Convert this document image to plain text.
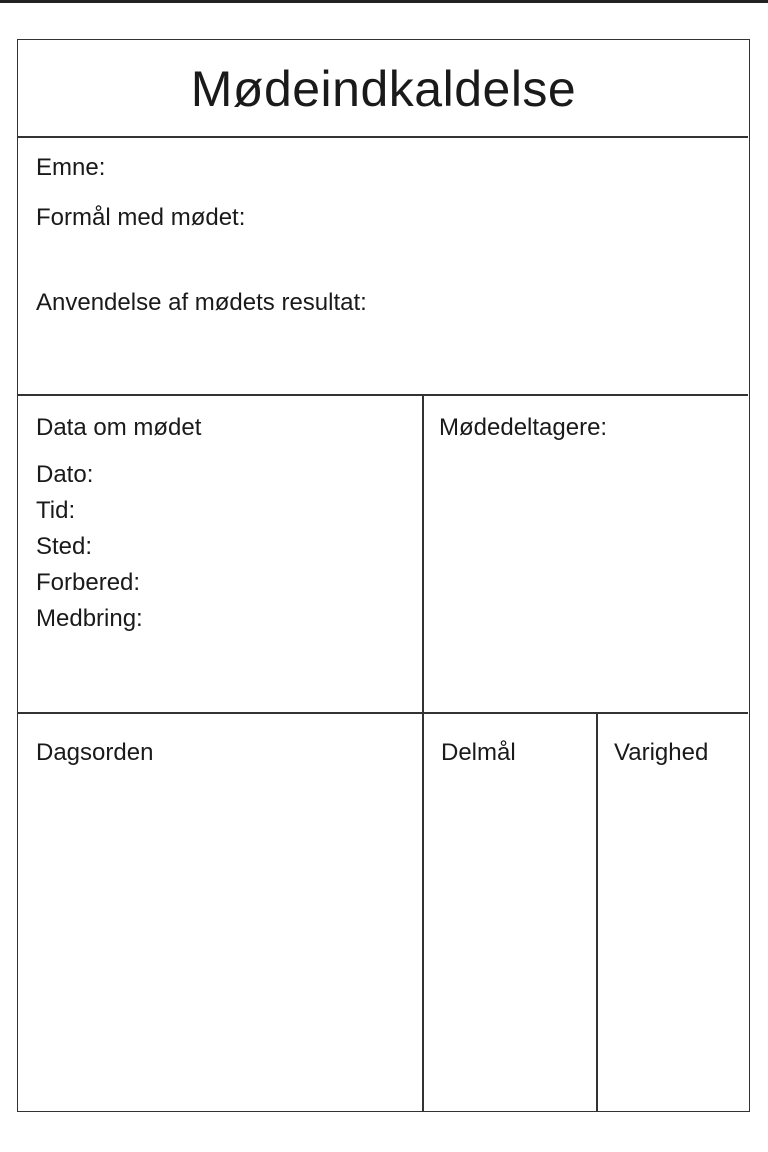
Mødeindkaldelse
Emne:
Formål med mødet:
Anvendelse af mødets resultat:
Data om mødet
Dato:
Tid:
Sted:
Forbered:
Medbring:
Mødedeltagere:
Dagsorden	Delmål	Varighed
